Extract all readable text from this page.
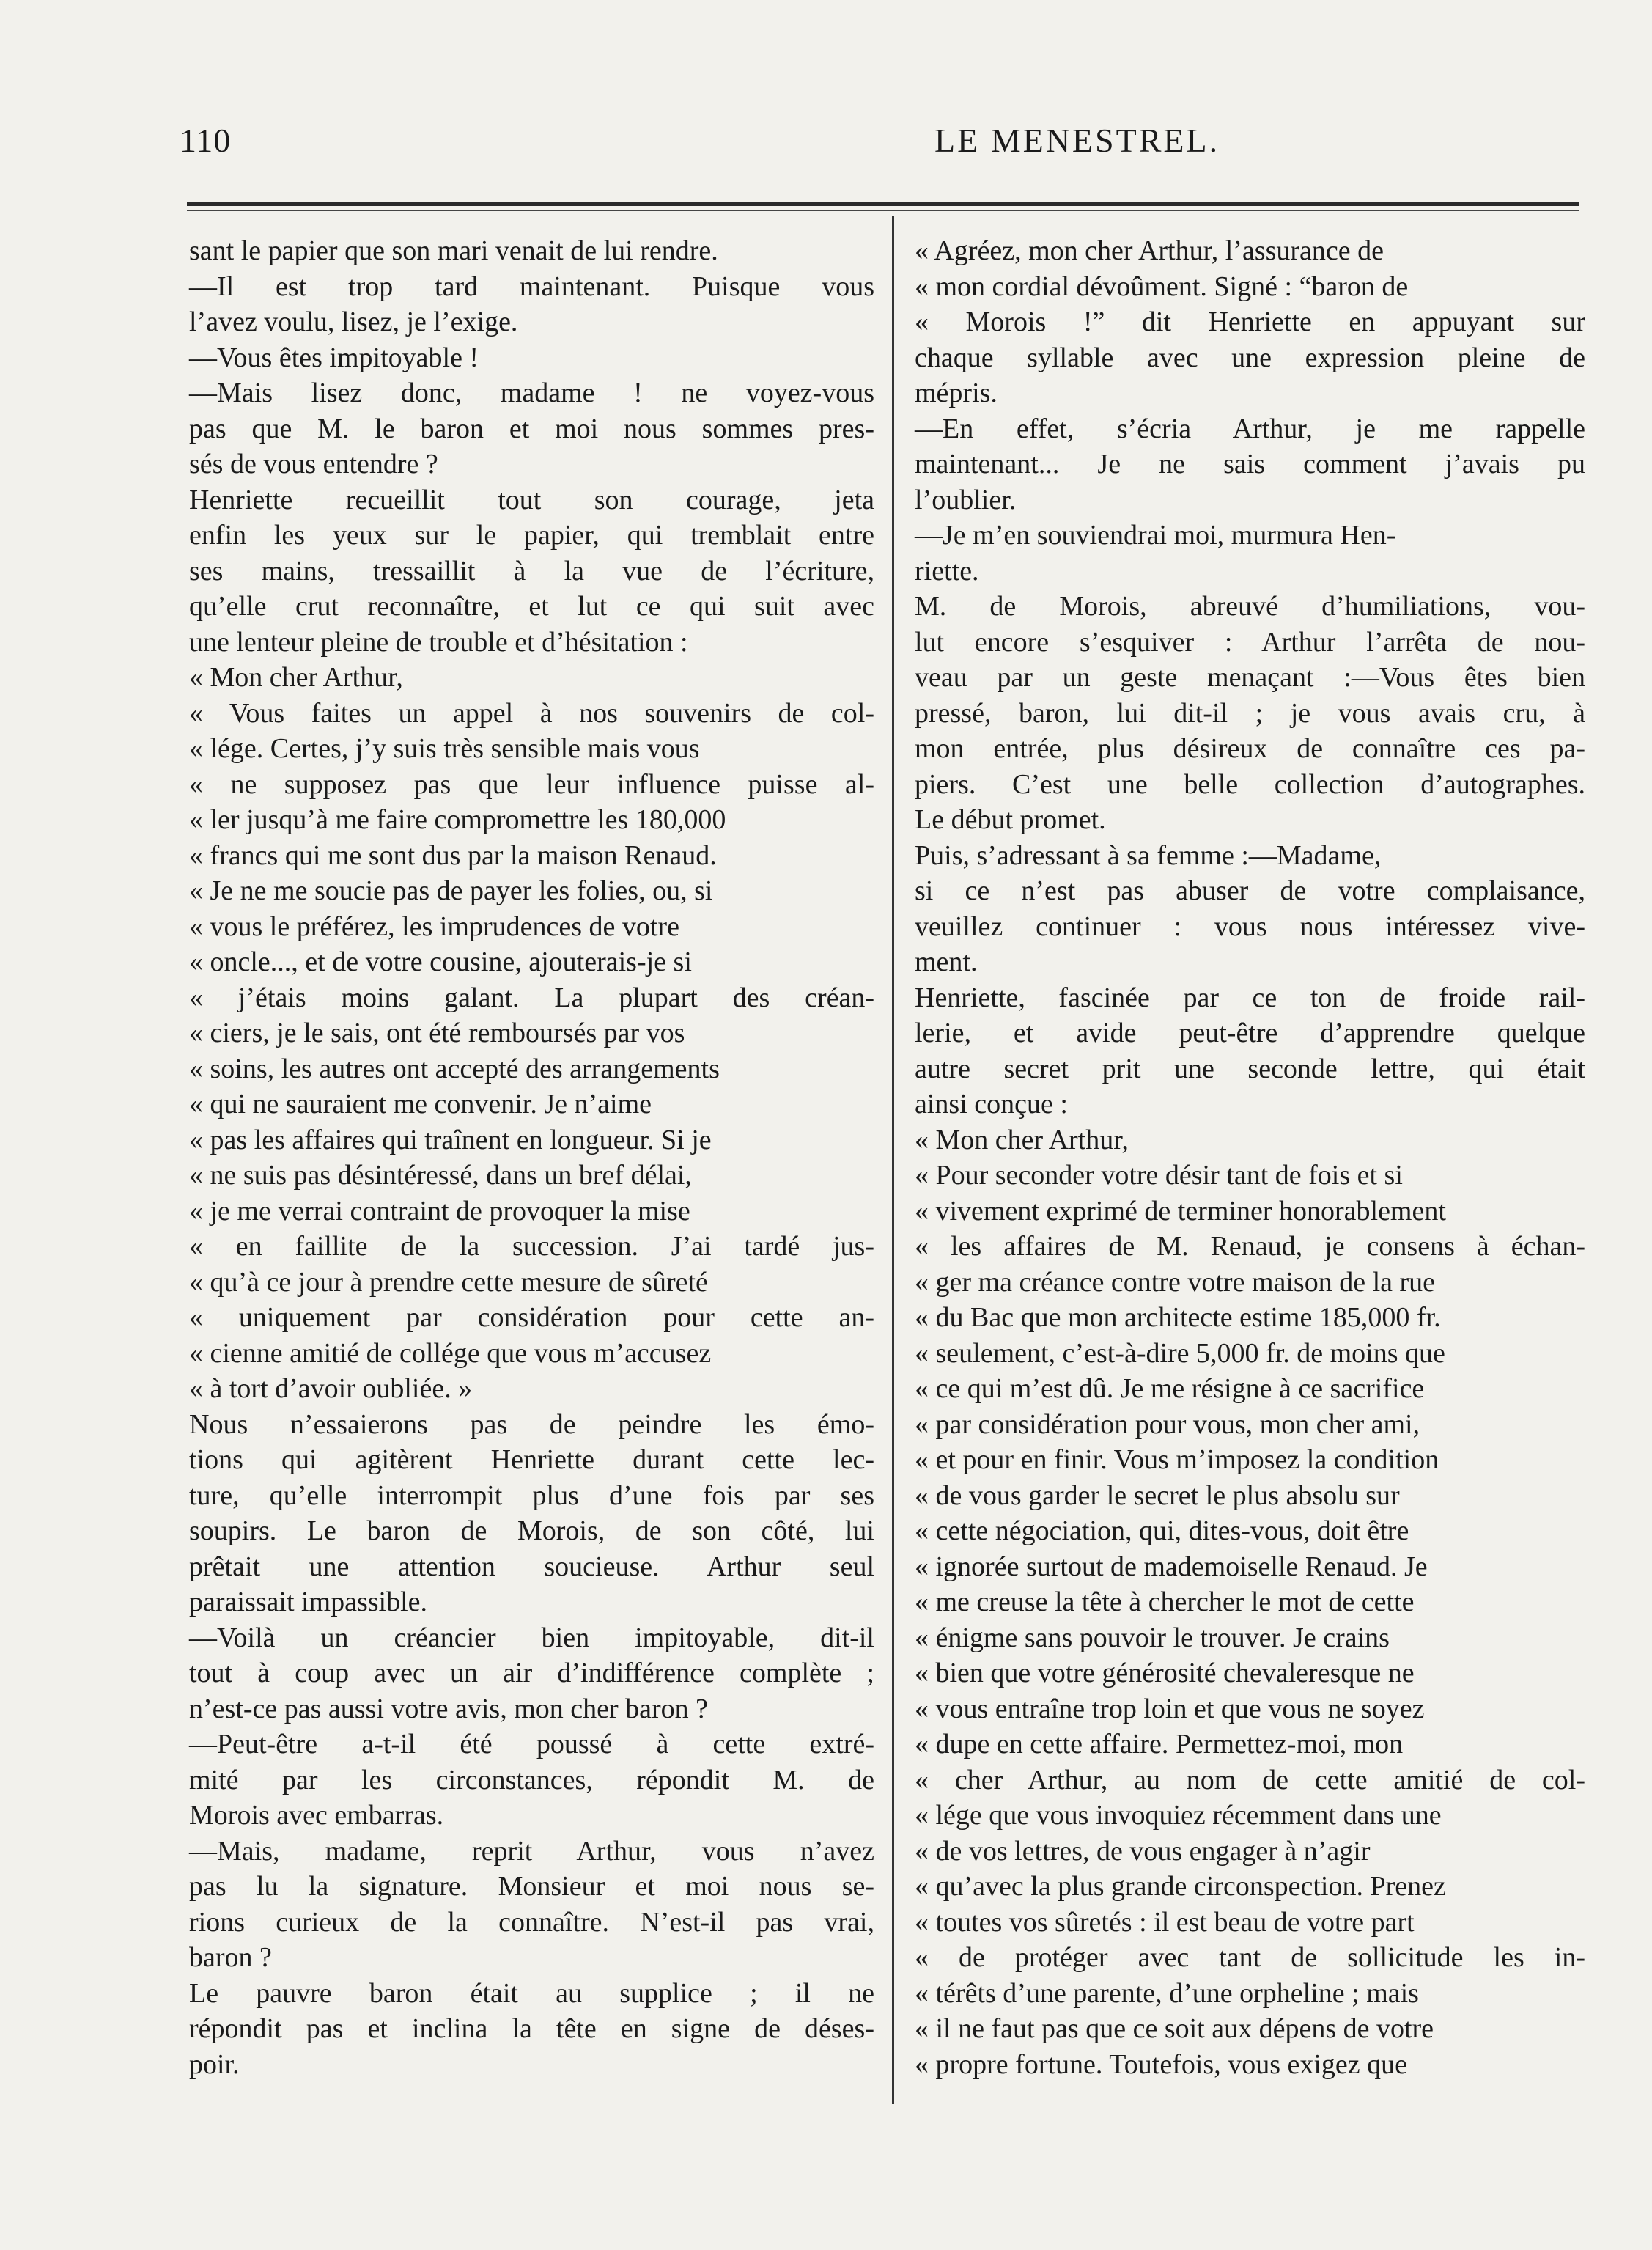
110	LE MENESTREL.

sant le papier que son mari venait de lui rendre.

—Il est trop tard maintenant. Puisque vous

l’avez voulu, lisez, je l’exige.

—Vous êtes impitoyable !

—Mais lisez donc, madame ! ne voyez-vous

pas que M. le baron et moi nous sommes pres-

sés de vous entendre ?

Henriette recueillit tout son courage, jeta

enfin les yeux sur le papier, qui tremblait entre

ses mains, tressaillit à la vue de l’écriture,

qu’elle crut reconnaître, et lut ce qui suit avec

une lenteur pleine de trouble et d’hésitation :

« Mon cher Arthur,

« Vous faites un appel à nos souvenirs de col-

« lége. Certes, j’y suis très sensible mais vous

« ne supposez pas que leur influence puisse al-

« ler jusqu’à me faire compromettre les 180,000

« francs qui me sont dus par la maison Renaud.

« Je ne me soucie pas de payer les folies, ou, si

« vous le préférez, les imprudences de votre

« oncle..., et de votre cousine, ajouterais-je si

« j’étais moins galant. La plupart des créan-

« ciers, je le sais, ont été remboursés par vos

« soins, les autres ont accepté des arrangements

« qui ne sauraient me convenir. Je n’aime

« pas les affaires qui traînent en longueur. Si je

« ne suis pas désintéressé, dans un bref délai,

« je me verrai contraint de provoquer la mise

« en faillite de la succession. J’ai tardé jus-

« qu’à ce jour à prendre cette mesure de sûreté

« uniquement par considération pour cette an-

« cienne amitié de collége que vous m’accusez

« à tort d’avoir oubliée. »

Nous n’essaierons pas de peindre les émo-

tions qui agitèrent Henriette durant cette lec-

ture, qu’elle interrompit plus d’une fois par ses

soupirs. Le baron de Morois, de son côté, lui

prêtait une attention soucieuse. Arthur seul

paraissait impassible.

—Voilà un créancier bien impitoyable, dit-il

tout à coup avec un air d’indifférence complète ;

n’est-ce pas aussi votre avis, mon cher baron ?

—Peut-être a-t-il été poussé à cette extré-

mité par les circonstances, répondit M. de

Morois avec embarras.

—Mais, madame, reprit Arthur, vous n’avez

pas lu la signature. Monsieur et moi nous se-

rions curieux de la connaître. N’est-il pas vrai,

baron ?

Le pauvre baron était au supplice ; il ne

répondit pas et inclina la tête en signe de déses-

poir.

« Agréez, mon cher Arthur, l’assurance de

« mon cordial dévoûment. Signé : “baron de

« Morois !” dit Henriette en appuyant sur

chaque syllable avec une expression pleine de

mépris.

—En effet, s’écria Arthur, je me rappelle

maintenant... Je ne sais comment j’avais pu

l’oublier.

—Je m’en souviendrai moi, murmura Hen-

riette.

M. de Morois, abreuvé d’humiliations, vou-

lut encore s’esquiver : Arthur l’arrêta de nou-

veau par un geste menaçant :—Vous êtes bien

pressé, baron, lui dit-il ; je vous avais cru, à

mon entrée, plus désireux de connaître ces pa-

piers. C’est une belle collection d’autographes.

Le début promet.

Puis, s’adressant à sa femme :—Madame,

si ce n’est pas abuser de votre complaisance,

veuillez continuer : vous nous intéressez vive-

ment.

Henriette, fascinée par ce ton de froide rail-

lerie, et avide peut-être d’apprendre quelque

autre secret prit une seconde lettre, qui était

ainsi conçue :

« Mon cher Arthur,

« Pour seconder votre désir tant de fois et si

« vivement exprimé de terminer honorablement

« les affaires de M. Renaud, je consens à échan-

« ger ma créance contre votre maison de la rue

« du Bac que mon architecte estime 185,000 fr.

« seulement, c’est-à-dire 5,000 fr. de moins que

« ce qui m’est dû. Je me résigne à ce sacrifice

« par considération pour vous, mon cher ami,

« et pour en finir. Vous m’imposez la condition

« de vous garder le secret le plus absolu sur

« cette négociation, qui, dites-vous, doit être

« ignorée surtout de mademoiselle Renaud. Je

« me creuse la tête à chercher le mot de cette

« énigme sans pouvoir le trouver. Je crains

« bien que votre générosité chevaleresque ne

« vous entraîne trop loin et que vous ne soyez

« dupe en cette affaire. Permettez-moi, mon

« cher Arthur, au nom de cette amitié de col-

« lége que vous invoquiez récemment dans une

« de vos lettres, de vous engager à n’agir

« qu’avec la plus grande circonspection. Prenez

« toutes vos sûretés : il est beau de votre part

« de protéger avec tant de sollicitude les in-

« térêts d’une parente, d’une orpheline ; mais

« il ne faut pas que ce soit aux dépens de votre

« propre fortune. Toutefois, vous exigez que
